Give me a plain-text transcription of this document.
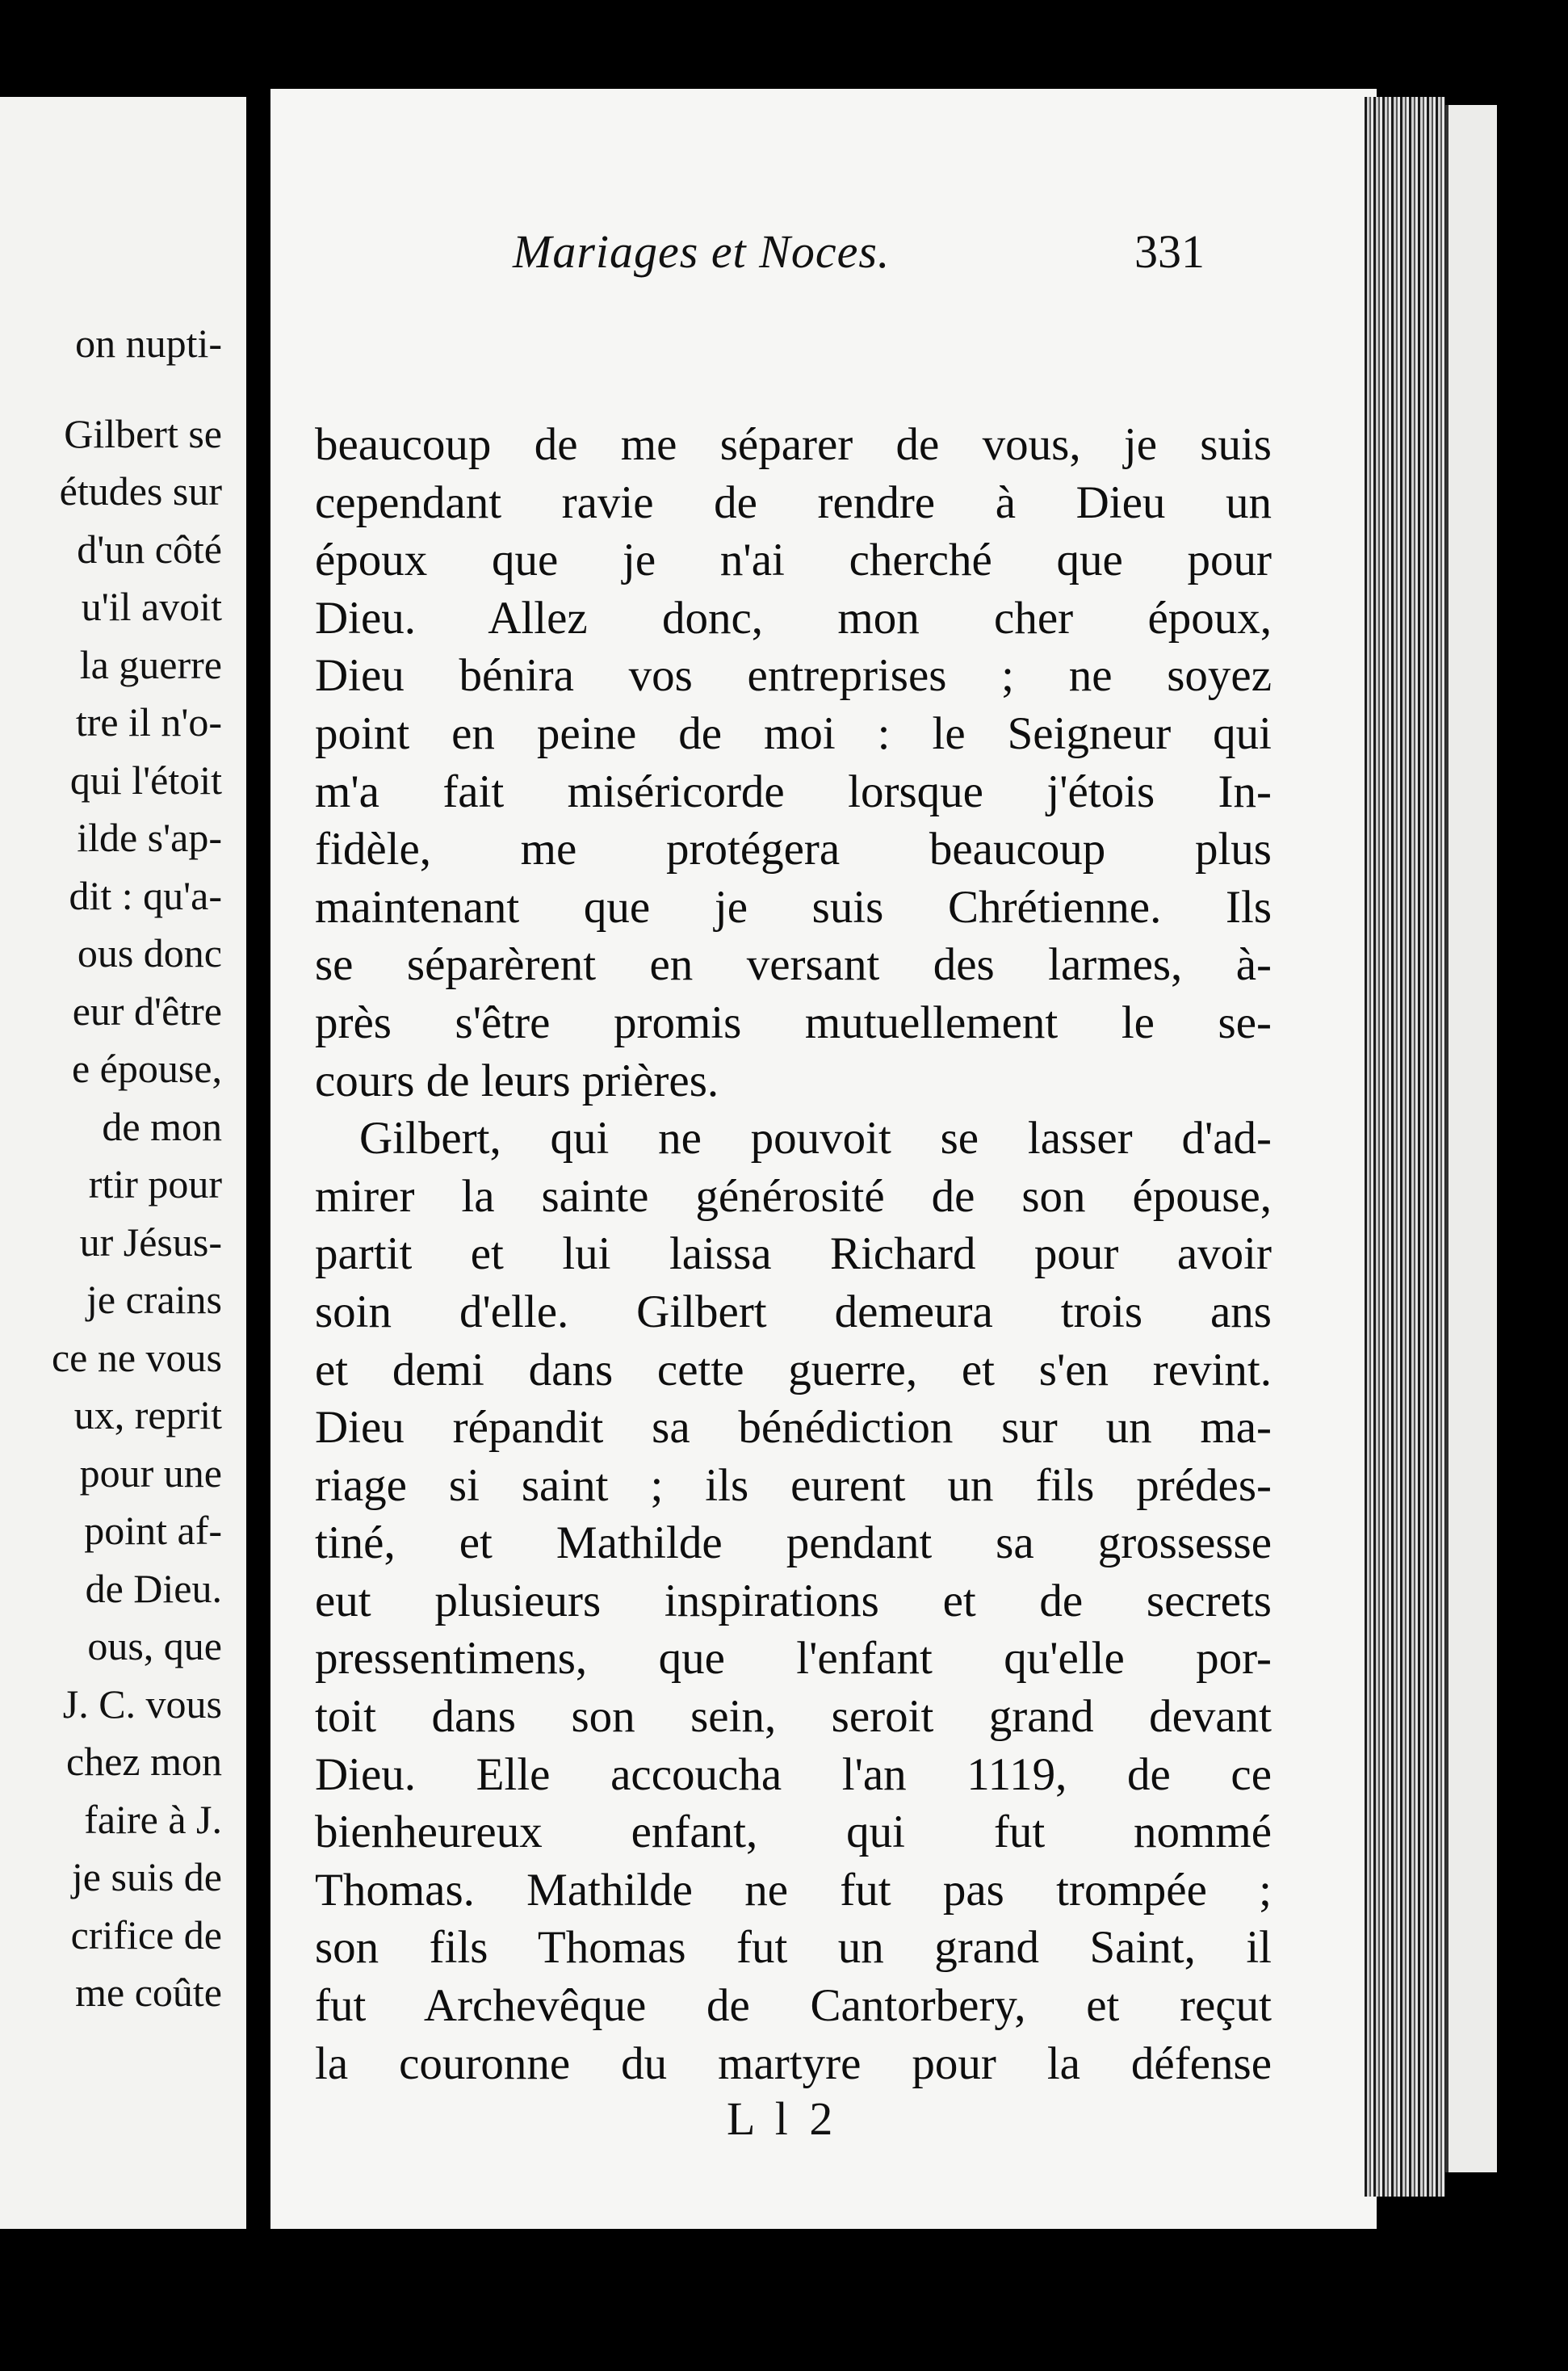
on nupti-
Gilbert se
études sur
d'un côté
u'il avoit
la guerre
tre il n'o-
qui l'étoit
ilde s'ap-
dit : qu'a-
ous donc
eur d'être
e épouse,
de mon
rtir pour
ur Jésus-
je crains
ce ne vous
ux, reprit
pour une
point af-
de Dieu.
ous, que
J. C. vous
chez mon
faire à J.
je suis de
crifice de
me coûte
Mariages et Noces.	331
beaucoup de me séparer de vous, je suis
cependant ravie de rendre à Dieu un
époux que je n'ai cherché que pour
Dieu. Allez donc, mon cher époux,
Dieu bénira vos entreprises ; ne soyez
point en peine de moi : le Seigneur qui
m'a fait miséricorde lorsque j'étois In-
fidèle, me protégera beaucoup plus
maintenant que je suis Chrétienne. Ils
se séparèrent en versant des larmes, à-
près s'être promis mutuellement le se-
cours de leurs prières.
Gilbert, qui ne pouvoit se lasser d'ad-
mirer la sainte générosité de son épouse,
partit et lui laissa Richard pour avoir
soin d'elle. Gilbert demeura trois ans
et demi dans cette guerre, et s'en revint.
Dieu répandit sa bénédiction sur un ma-
riage si saint ; ils eurent un fils prédes-
tiné, et Mathilde pendant sa grossesse
eut plusieurs inspirations et de secrets
pressentimens, que l'enfant qu'elle por-
toit dans son sein, seroit grand devant
Dieu. Elle accoucha l'an 1119, de ce
bienheureux enfant, qui fut nommé
Thomas. Mathilde ne fut pas trompée ;
son fils Thomas fut un grand Saint, il
fut Archevêque de Cantorbery, et reçut
la couronne du martyre pour la défense
L l 2
